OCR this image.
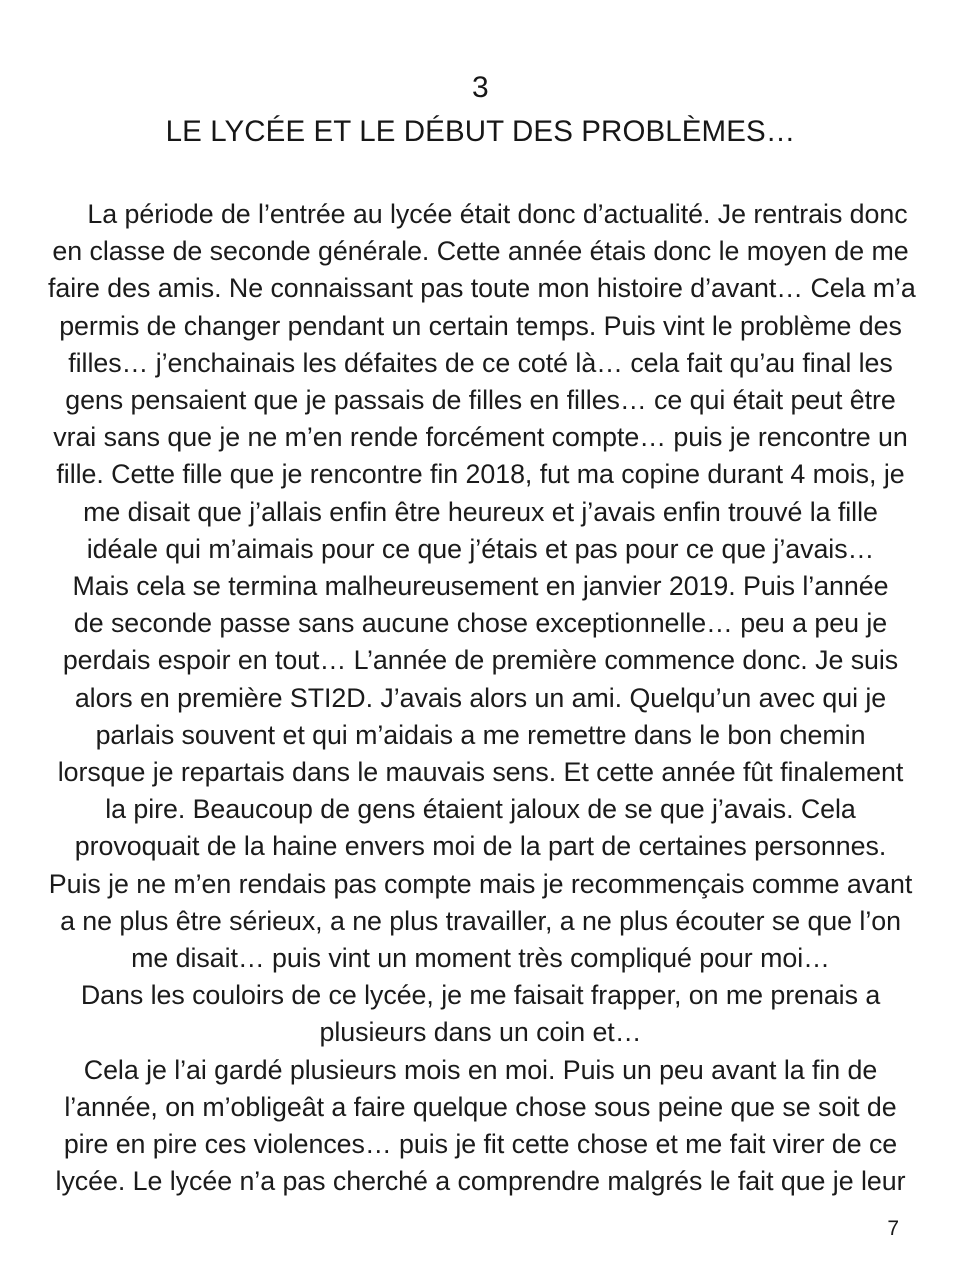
3
LE LYCÉE ET LE DÉBUT DES PROBLÈMES…
La période de l’entrée au lycée était donc d’actualité. Je rentrais donc
en classe de seconde générale. Cette année étais donc le moyen de me
faire des amis. Ne connaissant pas toute mon histoire d’avant… Cela m’a
permis de changer pendant un certain temps. Puis vint le problème des
filles… j’enchainais les défaites de ce coté là… cela fait qu’au final les
gens pensaient que je passais de filles en filles… ce qui était peut être
vrai sans que je ne m’en rende forcément compte… puis je rencontre un
fille. Cette fille que je rencontre fin 2018, fut ma copine durant 4 mois, je
me disait que j’allais enfin être heureux et j’avais enfin trouvé la fille
idéale qui m’aimais pour ce que j’étais et pas pour ce que j’avais…
Mais cela se termina malheureusement en janvier 2019. Puis l’année
de seconde passe sans aucune chose exceptionnelle… peu a peu je
perdais espoir en tout… L’année de première commence donc. Je suis
alors en première STI2D. J’avais alors un ami. Quelqu’un avec qui je
parlais souvent et qui m’aidais a me remettre dans le bon chemin
lorsque je repartais dans le mauvais sens. Et cette année fût finalement
la pire. Beaucoup de gens étaient jaloux de se que j’avais. Cela
provoquait de la haine envers moi de la part de certaines personnes.
Puis je ne m’en rendais pas compte mais je recommençais comme avant
a ne plus être sérieux, a ne plus travailler, a ne plus écouter se que l’on
me disait… puis vint un moment très compliqué pour moi…
Dans les couloirs de ce lycée, je me faisait frapper, on me prenais a
plusieurs dans un coin et…
Cela je l’ai gardé plusieurs mois en moi. Puis un peu avant la fin de
l’année, on m’obligeât a faire quelque chose sous peine que se soit de
pire en pire ces violences… puis je fit cette chose et me fait virer de ce
lycée. Le lycée n’a pas cherché a comprendre malgrés le fait que je leur
7
